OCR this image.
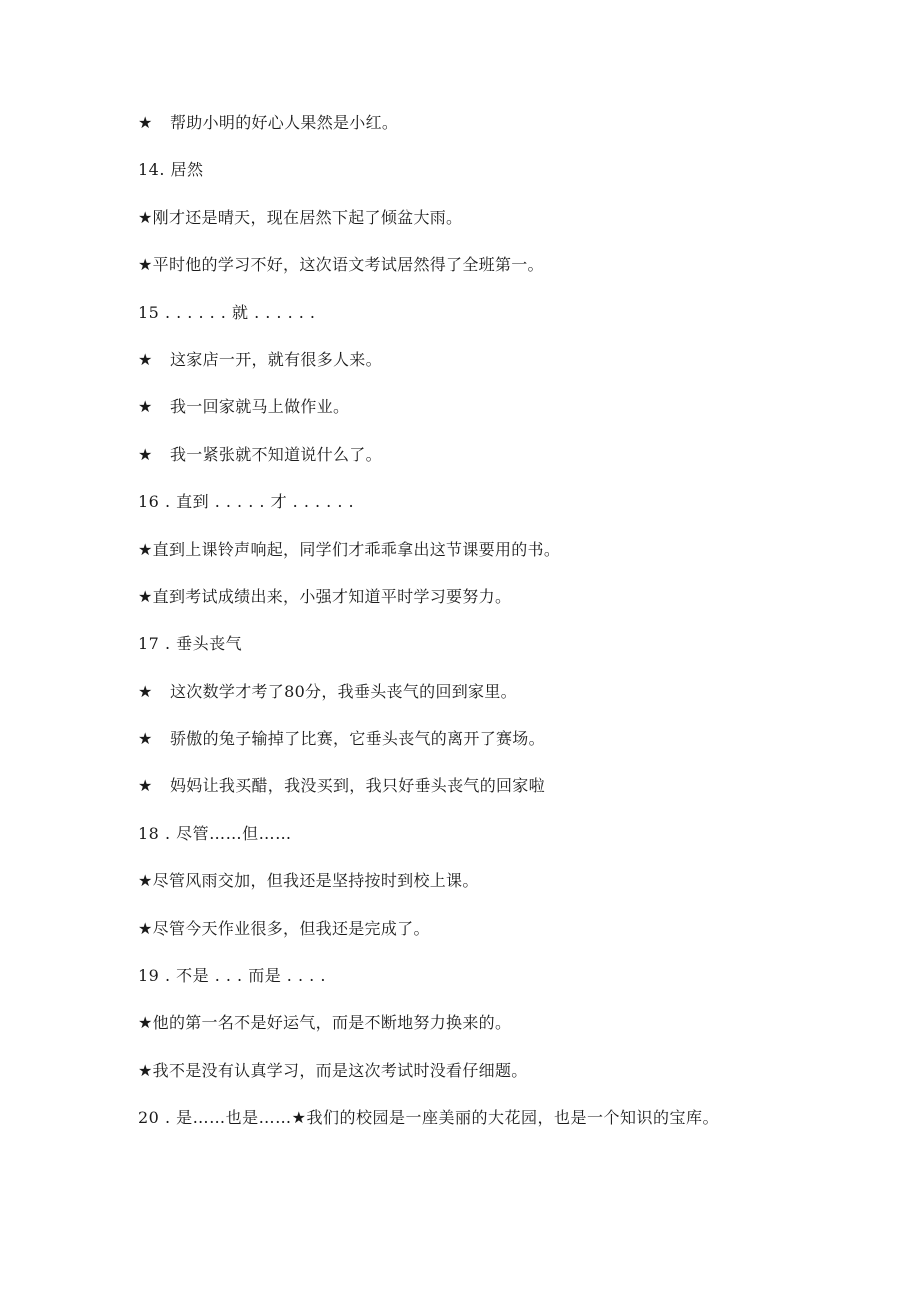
★ 帮助小明的好心人果然是小红。
14. 居然
★刚才还是晴天，现在居然下起了倾盆大雨。
★平时他的学习不好，这次语文考试居然得了全班第一。
15 . . . . . . 就 . . . . . .
★ 这家店一开，就有很多人来。
★ 我一回家就马上做作业。
★ 我一紧张就不知道说什么了。
16 . 直到 . . . . . 才 . . . . . .
★直到上课铃声响起，同学们才乖乖拿出这节课要用的书。
★直到考试成绩出来，小强才知道平时学习要努力。
17 . 垂头丧气
★ 这次数学才考了80分，我垂头丧气的回到家里。
★ 骄傲的兔子输掉了比赛，它垂头丧气的离开了赛场。
★ 妈妈让我买醋，我没买到，我只好垂头丧气的回家啦
18 . 尽管……但……
★尽管风雨交加，但我还是坚持按时到校上课。
★尽管今天作业很多，但我还是完成了。
19 . 不是 . . . 而是 . . . .
★他的第一名不是好运气，而是不断地努力换来的。
★我不是没有认真学习，而是这次考试时没看仔细题。
20 . 是……也是……★我们的校园是一座美丽的大花园，也是一个知识的宝库。
